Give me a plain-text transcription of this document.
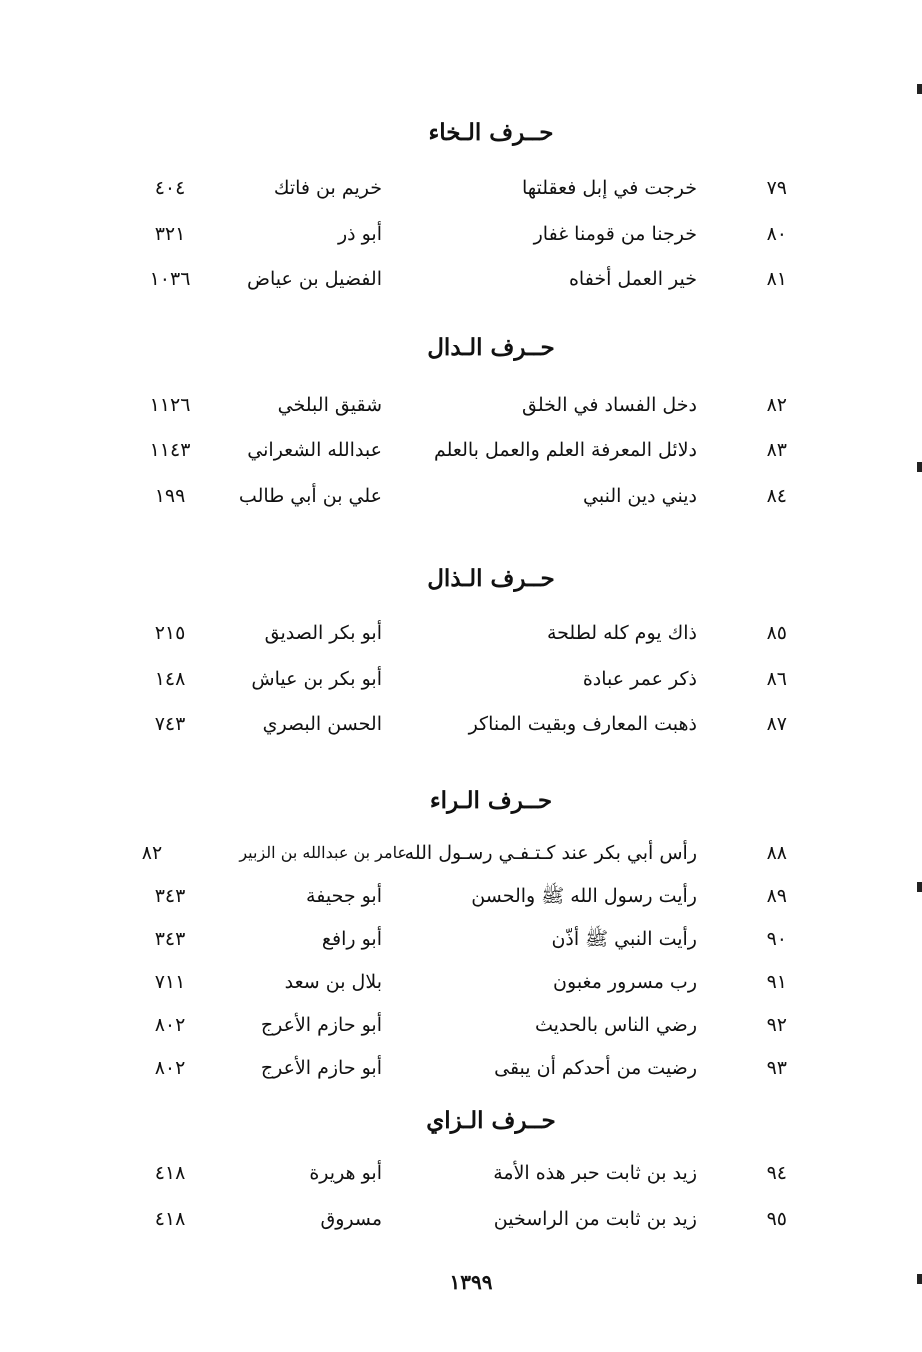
حــرف الـخاء
٧٩
خرجت في إبل فعقلتها
خريم بن فاتك
٤٠٤
٨٠
خرجنا من قومنا غفار
أبو ذر
٣٢١
٨١
خير العمل أخفاه
الفضيل بن عياض
١٠٣٦
حــرف الـدال
٨٢
دخل الفساد في الخلق
شقيق البلخي
١١٢٦
٨٣
دلائل المعرفة العلم والعمل بالعلم
عبدالله الشعراني
١١٤٣
٨٤
ديني دين النبي
علي بن أبي طالب
١٩٩
حــرف الـذال
٨٥
ذاك يوم كله لطلحة
أبو بكر الصديق
٢١٥
٨٦
ذكر عمر عبادة
أبو بكر بن عياش
١٤٨
٨٧
ذهبت المعارف وبقيت المناكر
الحسن البصري
٧٤٣
حــرف الـراء
٨٨
رأس أبي بكر عند كـتـفـي رسـول الله
عامر بن عبدالله بن الزبير
٨٢
٨٩
رأيت رسول الله ﷺ والحسن
أبو جحيفة
٣٤٣
٩٠
رأيت النبي ﷺ أذّن
أبو رافع
٣٤٣
٩١
رب مسرور مغبون
بلال بن سعد
٧١١
٩٢
رضي الناس بالحديث
أبو حازم الأعرج
٨٠٢
٩٣
رضيت من أحدكم أن يبقى
أبو حازم الأعرج
٨٠٢
حــرف الـزاي
٩٤
زيد بن ثابت حبر هذه الأمة
أبو هريرة
٤١٨
٩٥
زيد بن ثابت من الراسخين
مسروق
٤١٨
١٣٩٩
